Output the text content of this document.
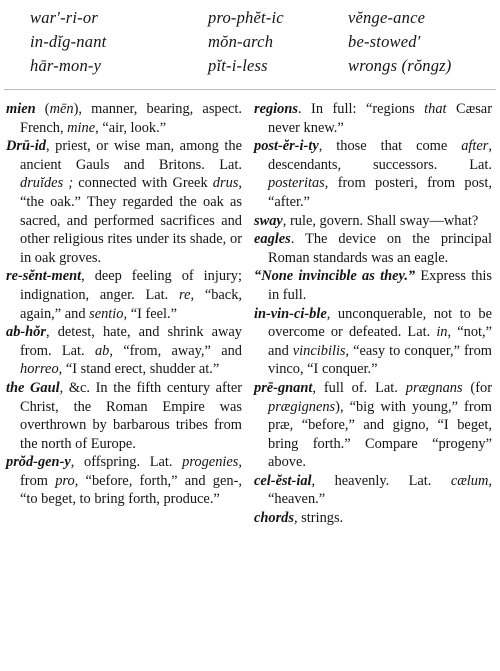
war′-ri-or	pro-phĕt-ic	vĕnge-ance
in-dĭg-nant	mŏn-arch	be-stowed′
hār-mon-y	pĭt-i-less	wrongs (rŏngz)

mien (mēn), manner, bearing, aspect. French, mine, “air, look.”

Drū-id, priest, or wise man, among the ancient Gauls and Britons. Lat. druĭdes ; connected with Greek drus, “the oak.” They regarded the oak as sacred, and performed sacrifices and other religious rites under its shade, or in oak groves.

re-sĕnt-ment, deep feeling of injury; indignation, anger. Lat. re, “back, again,” and sentio, “I feel.”

ab-hŏr, detest, hate, and shrink away from. Lat. ab, “from, away,” and horreo, “I stand erect, shudder at.”

the Gaul, &c. In the fifth century after Christ, the Roman Empire was overthrown by barbarous tribes from the north of Europe.

prŏd-gen-y, offspring. Lat. progenies, from pro, “before, forth,” and gen-, “to beget, to bring forth, produce.”

regions. In full: “regions that Cæsar never knew.”

post-ĕr-i-ty, those that come after, descendants, successors. Lat. posteritas, from posteri, from post, “after.”

sway, rule, govern. Shall sway—what?

eagles. The device on the principal Roman standards was an eagle.

“None invincible as they.” Express this in full.

in-vin-ci-ble, unconquerable, not to be overcome or defeated. Lat. in, “not,” and vincibilis, “easy to conquer,” from vinco, “I conquer.”

prē-gnant, full of. Lat. prægnans (for prægignens), “big with young,” from præ, “before,” and gigno, “I beget, bring forth.” Compare “progeny” above.

cel-ĕst-ial, heavenly. Lat. cælum, “heaven.”

chords, strings.
